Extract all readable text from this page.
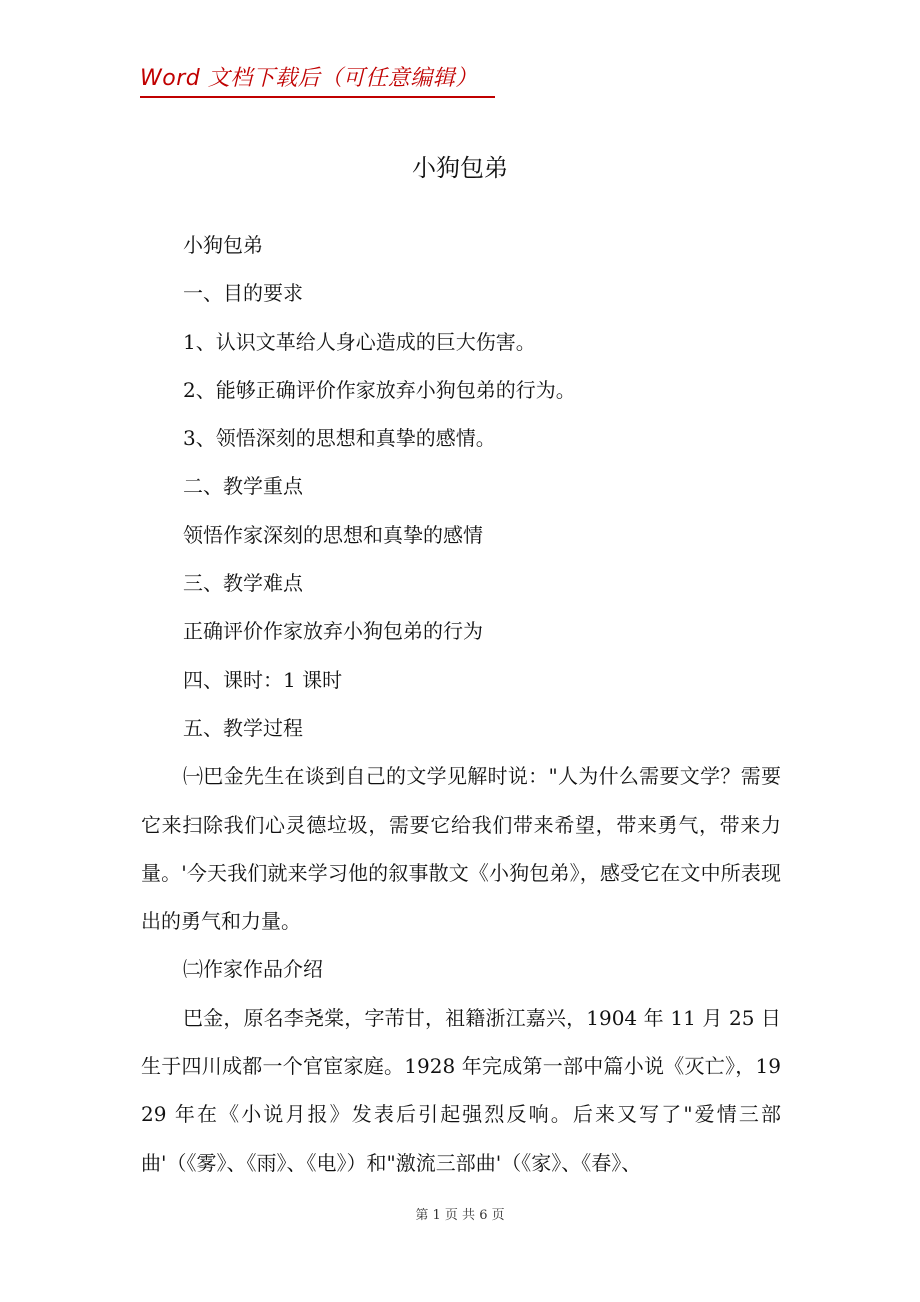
Word 文档下载后（可任意编辑）
小狗包弟
小狗包弟
一、目的要求
1、认识文革给人身心造成的巨大伤害。
2、能够正确评价作家放弃小狗包弟的行为。
3、领悟深刻的思想和真挚的感情。
二、教学重点
领悟作家深刻的思想和真挚的感情
三、教学难点
正确评价作家放弃小狗包弟的行为
四、课时：1 课时
五、教学过程

㈠巴金先生在谈到自己的文学见解时说："人为什么需要文学？需要它来扫除我们心灵德垃圾，需要它给我们带来希望，带来勇气，带来力量。'今天我们就来学习他的叙事散文《小狗包弟》，感受它在文中所表现出的勇气和力量。

㈡作家作品介绍

巴金，原名李尧棠，字芾甘，祖籍浙江嘉兴，1904 年 11 月 25 日生于四川成都一个官宦家庭。1928 年完成第一部中篇小说《灭亡》，1929 年在《小说月报》发表后引起强烈反响。后来又写了"爱情三部曲'（《雾》、《雨》、《电》）和"激流三部曲'（《家》、《春》、

第 1 页 共 6 页
